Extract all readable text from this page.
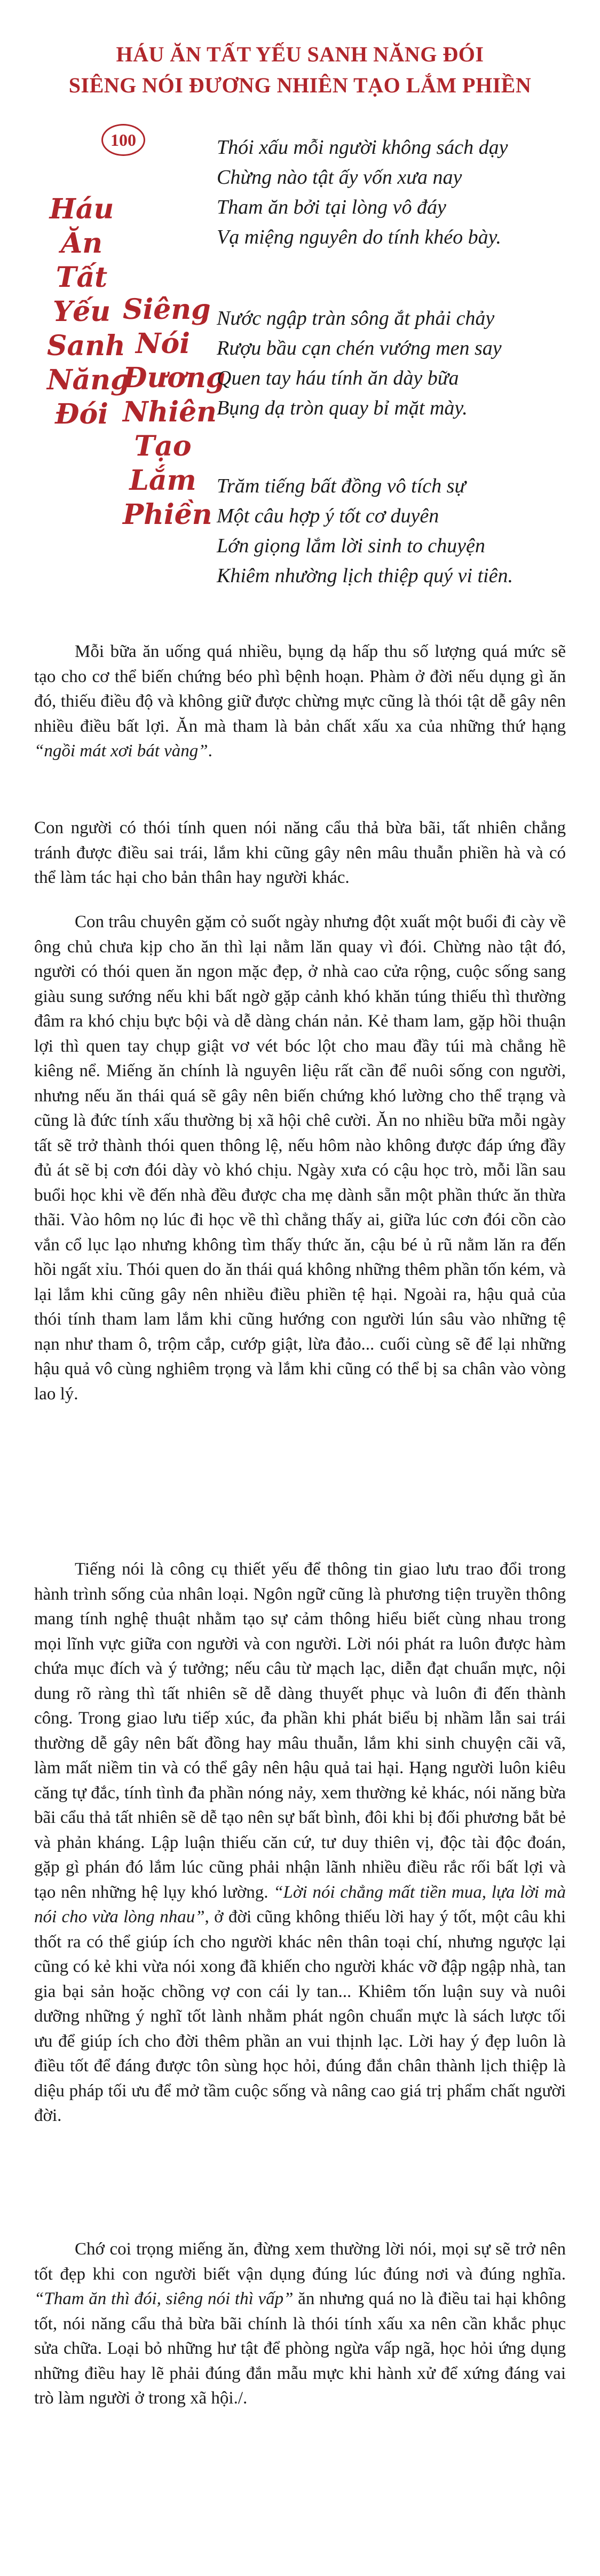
HÁU ĂN TẤT YẾU SANH NĂNG ĐÓI
SIÊNG NÓI ĐƯƠNG NHIÊN TẠO LẮM PHIỀN
100
Háu
Ăn
Tất
Yếu
Sanh
Năng
Đói
Siêng
Nói
Đương
Nhiên
Tạo
Lắm
Phiền
Thói xấu mỗi người không sách dạy
Chừng nào tật ấy vốn xưa nay
Tham ăn bởi tại lòng vô đáy
Vạ miệng nguyên do tính khéo bày.
Nước ngập tràn sông ắt phải chảy
Rượu bầu cạn chén vướng men say
Quen tay háu tính ăn dày bữa
Bụng dạ tròn quay bỉ mặt mày.
Trăm tiếng bất đồng vô tích sự
Một câu hợp ý tốt cơ duyên
Lớn giọng lắm lời sinh to chuyện
Khiêm nhường lịch thiệp quý vi tiên.

Mỗi bữa ăn uống quá nhiều, bụng dạ hấp thu số lượng quá mức sẽ tạo cho cơ thể biến chứng béo phì bệnh hoạn. Phàm ở đời nếu dụng gì ăn đó, thiếu điều độ và không giữ được chừng mực cũng là thói tật dễ gây nên nhiều điều bất lợi. Ăn mà tham là bản chất xấu xa của những thứ hạng “ngồi mát xơi bát vàng”.

Con người có thói tính quen nói năng cẩu thả bừa bãi, tất nhiên chẳng tránh được điều sai trái, lắm khi cũng gây nên mâu thuẫn phiền hà và có thể làm tác hại cho bản thân hay người khác.

Con trâu chuyên gặm cỏ suốt ngày nhưng đột xuất một buổi đi cày về ông chủ chưa kịp cho ăn thì lại nằm lăn quay vì đói. Chừng nào tật đó, người có thói quen ăn ngon mặc đẹp, ở nhà cao cửa rộng, cuộc sống sang giàu sung sướng nếu khi bất ngờ gặp cảnh khó khăn túng thiếu thì thường đâm ra khó chịu bực bội và dễ dàng chán nản. Kẻ tham lam, gặp hồi thuận lợi thì quen tay chụp giật vơ vét bóc lột cho mau đầy túi mà chẳng hề kiêng nể. Miếng ăn chính là nguyên liệu rất cần để nuôi sống con người, nhưng nếu ăn thái quá sẽ gây nên biến chứng khó lường cho thể trạng và cũng là đức tính xấu thường bị xã hội chê cười. Ăn no nhiều bữa mỗi ngày tất sẽ trở thành thói quen thông lệ, nếu hôm nào không được đáp ứng đầy đủ át sẽ bị cơn đói dày vò khó chịu. Ngày xưa có cậu học trò, mỗi lần sau buổi học khi về đến nhà đều được cha mẹ dành sẵn một phần thức ăn thừa thãi. Vào hôm nọ lúc đi học về thì chẳng thấy ai, giữa lúc cơn đói cồn cào vắn cổ lục lạo nhưng không tìm thấy thức ăn, cậu bé ủ rũ nằm lăn ra đến hồi ngất xỉu. Thói quen do ăn thái quá không những thêm phần tốn kém, và lại lắm khi cũng gây nên nhiều điều phiền tệ hại. Ngoài ra, hậu quả của thói tính tham lam lắm khi cũng hướng con người lún sâu vào những tệ nạn như tham ô, trộm cắp, cướp giật, lừa đảo... cuối cùng sẽ để lại những hậu quả vô cùng nghiêm trọng và lắm khi cũng có thể bị sa chân vào vòng lao lý.

Tiếng nói là công cụ thiết yếu để thông tin giao lưu trao đổi trong hành trình sống của nhân loại. Ngôn ngữ cũng là phương tiện truyền thông mang tính nghệ thuật nhằm tạo sự cảm thông hiểu biết cùng nhau trong mọi lĩnh vực giữa con người và con người. Lời nói phát ra luôn được hàm chứa mục đích và ý tưởng; nếu câu từ mạch lạc, diễn đạt chuẩn mực, nội dung rõ ràng thì tất nhiên sẽ dễ dàng thuyết phục và luôn đi đến thành công. Trong giao lưu tiếp xúc, đa phần khi phát biểu bị nhầm lẫn sai trái thường dễ gây nên bất đồng hay mâu thuẫn, lắm khi sinh chuyện cãi vã, làm mất niềm tin và có thể gây nên hậu quả tai hại. Hạng người luôn kiêu căng tự đắc, tính tình đa phần nóng nảy, xem thường kẻ khác, nói năng bừa bãi cẩu thả tất nhiên sẽ dễ tạo nên sự bất bình, đôi khi bị đối phương bắt bẻ và phản kháng. Lập luận thiếu căn cứ, tư duy thiên vị, độc tài độc đoán, gặp gì phán đó lắm lúc cũng phải nhận lãnh nhiều điều rắc rối bất lợi và tạo nên những hệ lụy khó lường. “Lời nói chẳng mất tiền mua, lựa lời mà nói cho vừa lòng nhau”, ở đời cũng không thiếu lời hay ý tốt, một câu khi thốt ra có thể giúp ích cho người khác nên thân toại chí, nhưng ngược lại cũng có kẻ khi vừa nói xong đã khiến cho người khác vỡ đập ngập nhà, tan gia bại sản hoặc chồng vợ con cái ly tan... Khiêm tốn luận suy và nuôi dưỡng những ý nghĩ tốt lành nhằm phát ngôn chuẩn mực là sách lược tối ưu để giúp ích cho đời thêm phần an vui thịnh lạc. Lời hay ý đẹp luôn là điều tốt để đáng được tôn sùng học hỏi, đúng đắn chân thành lịch thiệp là diệu pháp tối ưu để mở tầm cuộc sống và nâng cao giá trị phẩm chất người đời.

Chớ coi trọng miếng ăn, đừng xem thường lời nói, mọi sự sẽ trở nên tốt đẹp khi con người biết vận dụng đúng lúc đúng nơi và đúng nghĩa. “Tham ăn thì đói, siêng nói thì vấp” ăn nhưng quá no là điều tai hại không tốt, nói năng cẩu thả bừa bãi chính là thói tính xấu xa nên cần khắc phục sửa chữa. Loại bỏ những hư tật để phòng ngừa vấp ngã, học hỏi ứng dụng những điều hay lẽ phải đúng đắn mẫu mực khi hành xử để xứng đáng vai trò làm người ở trong xã hội./.
